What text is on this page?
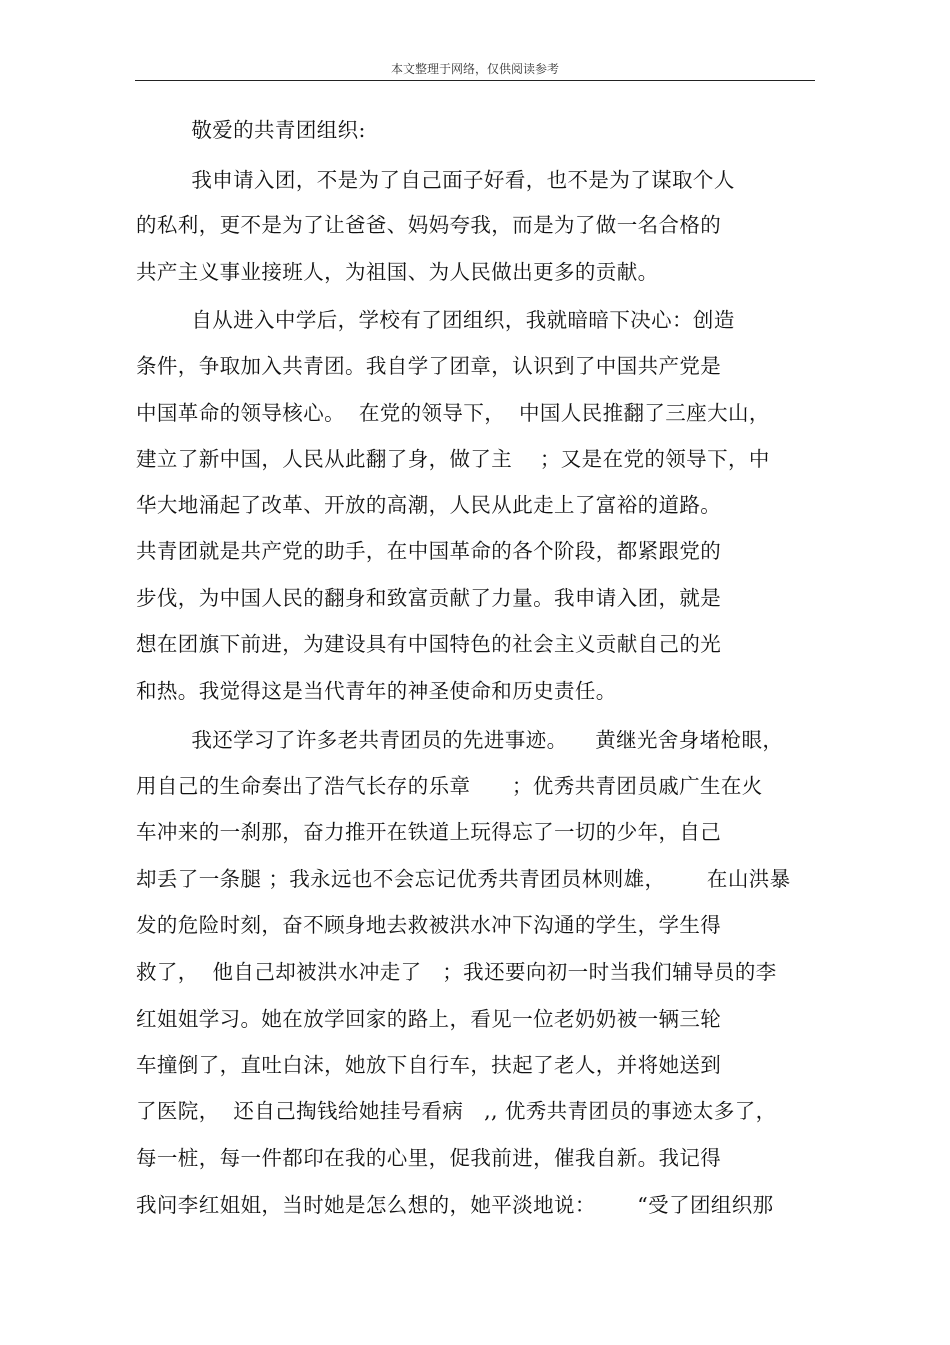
本文整理于网络，仅供阅读参考
敬爱的共青团组织:
我申请入团，不是为了自己面子好看，也不是为了谋取个人
的私利，更不是为了让爸爸、妈妈夸我，而是为了做一名合格的
共产主义事业接班人，为祖国、为人民做出更多的贡献。
自从进入中学后，学校有了团组织，我就暗暗下决心：创造
条件，争取加入共青团。我自学了团章，认识到了中国共产党是
中国革命的领导核心。  在党的领导下，  中国人民推翻了三座大山，
建立了新中国，人民从此翻了身，做了主    ；又是在党的领导下，中
华大地涌起了改革、开放的高潮，人民从此走上了富裕的道路。
共青团就是共产党的助手，在中国革命的各个阶段，都紧跟党的
步伐，为中国人民的翻身和致富贡献了力量。我申请入团，就是
想在团旗下前进，为建设具有中国特色的社会主义贡献自己的光
和热。我觉得这是当代青年的神圣使命和历史责任。
我还学习了许多老共青团员的先进事迹。    黄继光舍身堵枪眼，
用自己的生命奏出了浩气长存的乐章      ；优秀共青团员戚广生在火
车冲来的一刹那，奋力推开在铁道上玩得忘了一切的少年，自己
却丢了一条腿 ；我永远也不会忘记优秀共青团员林则雄，      在山洪暴
发的危险时刻，奋不顾身地去救被洪水冲下沟通的学生，学生得
救了，  他自己却被洪水冲走了   ；我还要向初一时当我们辅导员的李
红姐姐学习。她在放学回家的路上，看见一位老奶奶被一辆三轮
车撞倒了，直吐白沫，她放下自行车，扶起了老人，并将她送到
了医院，  还自己掏钱给她挂号看病   ,, 优秀共青团员的事迹太多了，
每一桩，每一件都印在我的心里，促我前进，催我自新。我记得
我问李红姐姐，当时她是怎么想的，她平淡地说：      “受了团组织那
